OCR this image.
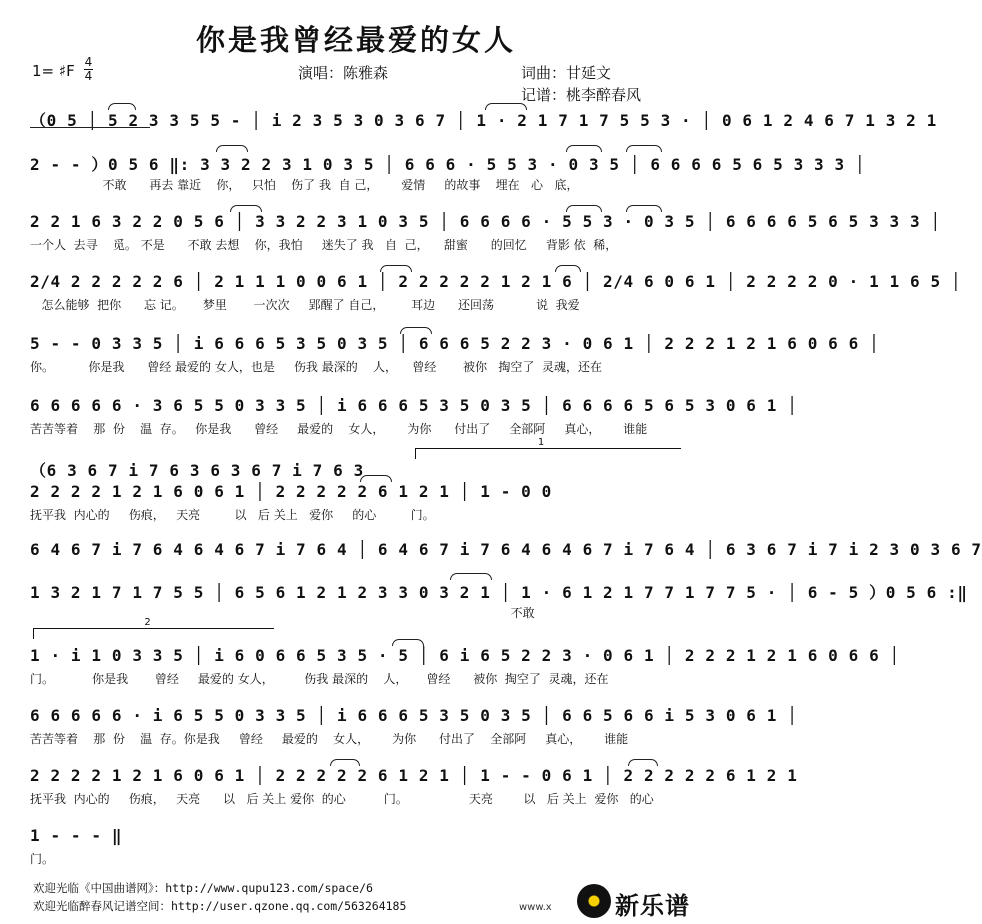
你是我曾经最爱的女人
1= ♯F 4
4	演唱：陈雅森	词曲：甘延文
记谱：桃李醉春风
（0 5 │ 5 2 3 3 5 5 - │ i 2 3 5 3 0 3 6 7 │ 1 · 2 1 7 1 7 5 5 3 · │ 0 6 1 2 4 6 7 1 3 2 1
2 - - ）0 5 6 ‖: 3 3 2 2 3 1 0 3 5 │ 6 6 6 · 5 5 3 · 0 3 5 │ 6 6 6 6 5 6 5 3 3 3 │
不敢      再去 靠近    你，   只怕    伤了 我  自 己，      爱情     的故事    埋在   心   底，
2 2 1 6 3 2 2 0 5 6 │ 3 3 2 2 3 1 0 3 5 │ 6 6 6 6 · 5 5 3 · 0 3 5 │ 6 6 6 6 5 6 5 3 3 3 │
一个人  去寻    觅。 不是      不敢 去想    你，我怕     迷失了 我   自  己，    甜蜜      的回忆     背影 依  稀，
2/4 2 2 2 2 2 6 │ 2 1 1 1 0 0 6 1 │ 2 2 2 2 2 1 2 1 6 │ 2/4 6 0 6 1 │ 2 2 2 2 0 · 1 1 6 5 │
怎么能够  把你      忘 记。     梦里       一次次     郢醒了 自己，       耳边      还回荡           说  我爱
5 - - 0 3 3 5 │ i 6 6 6 5 3 5 0 3 5 │ 6 6 6 5 2 2 3 · 0 6 1 │ 2 2 2 1 2 1 6 0 6 6 │
你。         你是我      曾经 最爱的 女人，也是     伤我 最深的    人，    曾经       被你   掏空了  灵魂，还在
6 6 6 6 6 · 3 6 5 5 0 3 3 5 │ i 6 6 6 5 3 5 0 3 5 │ 6 6 6 6 5 6 5 3 0 6 1 │
苦苦等着    那  份    温  存。   你是我      曾经     最爱的    女人，      为你      付出了     全部阿     真心，      谁能
1
（6 3 6 7 i 7 6 3 6 3 6 7 i 7 6 3
2 2 2 2 1 2 1 6 0 6 1 │ 2 2 2 2 2 6 1 2 1 │ 1 - 0 0
抚平我  内心的     伤痕，   天亮         以   后 关上   爱你     的心         门。
6 4 6 7 i 7 6 4 6 4 6 7 i 7 6 4 │ 6 4 6 7 i 7 6 4 6 4 6 7 i 7 6 4 │ 6 3 6 7 i 7 i 2 3 0 3 6 7
1 3 2 1 7 1 7 5 5 │ 6 5 6 1 2 1 2 3 3 0 3 2 1 │ 1 · 6 1 2 1 7 7 1 7 7 5 · │ 6 - 5 ）0 5 6 :‖
不敢
2
1 · i 1 0 3 3 5 │ i 6 0 6 6 5 3 5 · 5 │ 6 i 6 5 2 2 3 · 0 6 1 │ 2 2 2 1 2 1 6 0 6 6 │
门。          你是我       曾经     最爱的 女人，        伤我 最深的    人，     曾经      被你  掏空了  灵魂，还在
6 6 6 6 6 · i 6 5 5 0 3 3 5 │ i 6 6 6 5 3 5 0 3 5 │ 6 6 5 6 6 i 5 3 0 6 1 │
苦苦等着    那  份    温  存。你是我     曾经     最爱的    女人，      为你      付出了    全部阿     真心，      谁能
2 2 2 2 1 2 1 6 0 6 1 │ 2 2 2 2 2 6 1 2 1 │ 1 - - 0 6 1 │ 2 2 2 2 2 6 1 2 1
抚平我  内心的     伤痕，   天亮      以   后 关上 爱你  的心          门。                天亮        以   后 关上  爱你   的心
1 - - - ‖
门。
欢迎光临《中国曲谱网》：http://www.qupu123.com/space/6
欢迎光临醉春风记谱空间：http://user.qzone.qq.com/563264185	www.x	新乐谱
